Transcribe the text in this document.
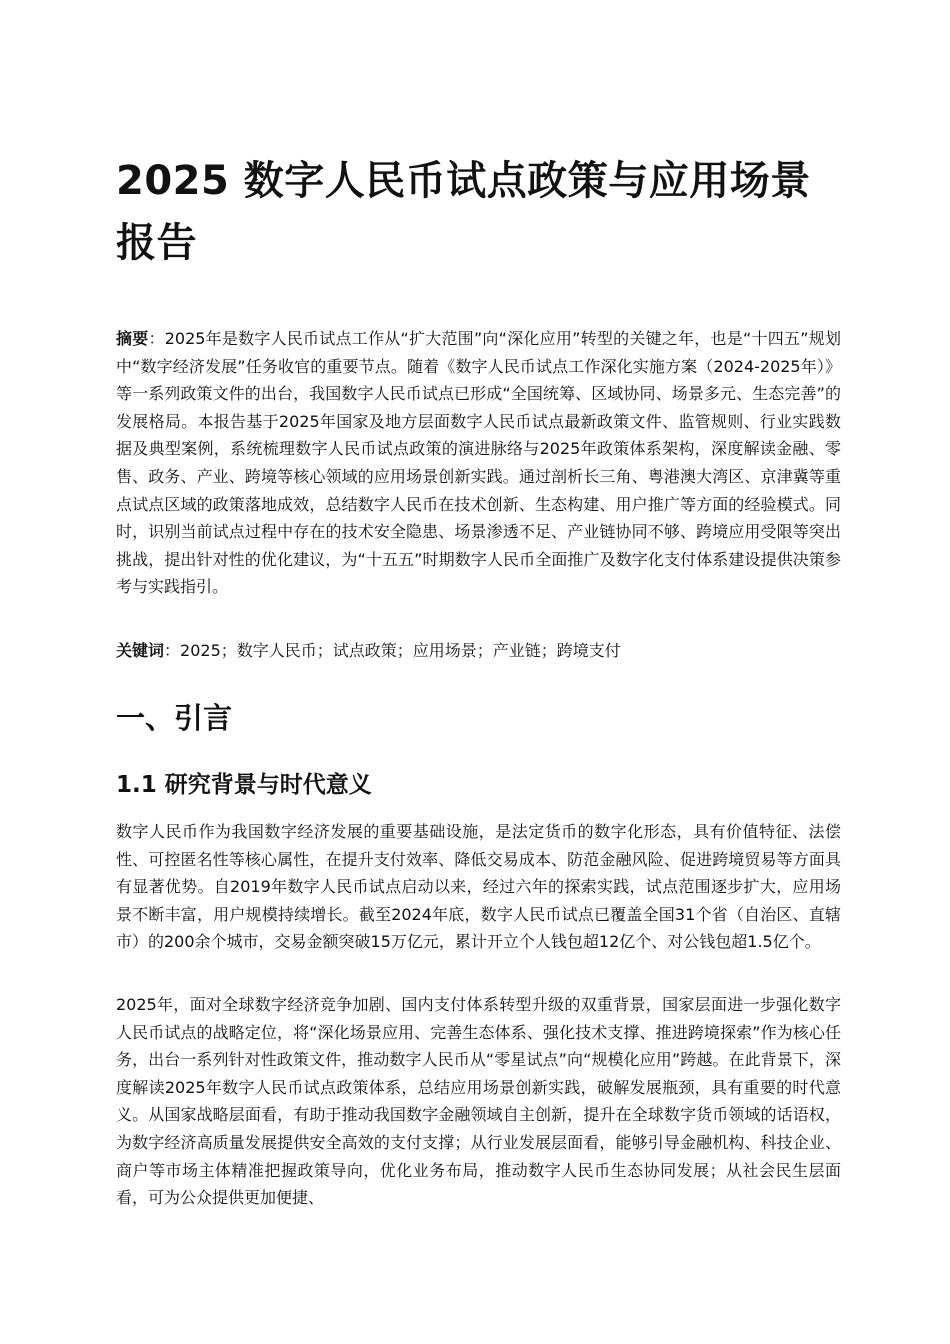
2025 数字人民币试点政策与应用场景报告

摘要：2025年是数字人民币试点工作从“扩大范围”向“深化应用”转型的关键之年，也是“十四五”规划中“数字经济发展”任务收官的重要节点。随着《数字人民币试点工作深化实施方案（2024-2025年）》等一系列政策文件的出台，我国数字人民币试点已形成“全国统筹、区域协同、场景多元、生态完善”的发展格局。本报告基于2025年国家及地方层面数字人民币试点最新政策文件、监管规则、行业实践数据及典型案例，系统梳理数字人民币试点政策的演进脉络与2025年政策体系架构，深度解读金融、零售、政务、产业、跨境等核心领域的应用场景创新实践。通过剖析长三角、粤港澳大湾区、京津冀等重点试点区域的政策落地成效，总结数字人民币在技术创新、生态构建、用户推广等方面的经验模式。同时，识别当前试点过程中存在的技术安全隐患、场景渗透不足、产业链协同不够、跨境应用受限等突出挑战，提出针对性的优化建议，为“十五五”时期数字人民币全面推广及数字化支付体系建设提供决策参考与实践指引。

关键词：2025；数字人民币；试点政策；应用场景；产业链；跨境支付

一、引言
1.1 研究背景与时代意义

数字人民币作为我国数字经济发展的重要基础设施，是法定货币的数字化形态，具有价值特征、法偿性、可控匿名性等核心属性，在提升支付效率、降低交易成本、防范金融风险、促进跨境贸易等方面具有显著优势。自2019年数字人民币试点启动以来，经过六年的探索实践，试点范围逐步扩大，应用场景不断丰富，用户规模持续增长。截至2024年底，数字人民币试点已覆盖全国31个省（自治区、直辖市）的200余个城市，交易金额突破15万亿元，累计开立个人钱包超12亿个、对公钱包超1.5亿个。

2025年，面对全球数字经济竞争加剧、国内支付体系转型升级的双重背景，国家层面进一步强化数字人民币试点的战略定位，将“深化场景应用、完善生态体系、强化技术支撑、推进跨境探索”作为核心任务，出台一系列针对性政策文件，推动数字人民币从“零星试点”向“规模化应用”跨越。在此背景下，深度解读2025年数字人民币试点政策体系，总结应用场景创新实践，破解发展瓶颈，具有重要的时代意义。从国家战略层面看，有助于推动我国数字金融领域自主创新，提升在全球数字货币领域的话语权，为数字经济高质量发展提供安全高效的支付支撑；从行业发展层面看，能够引导金融机构、科技企业、商户等市场主体精准把握政策导向，优化业务布局，推动数字人民币生态协同发展；从社会民生层面看，可为公众提供更加便捷、
